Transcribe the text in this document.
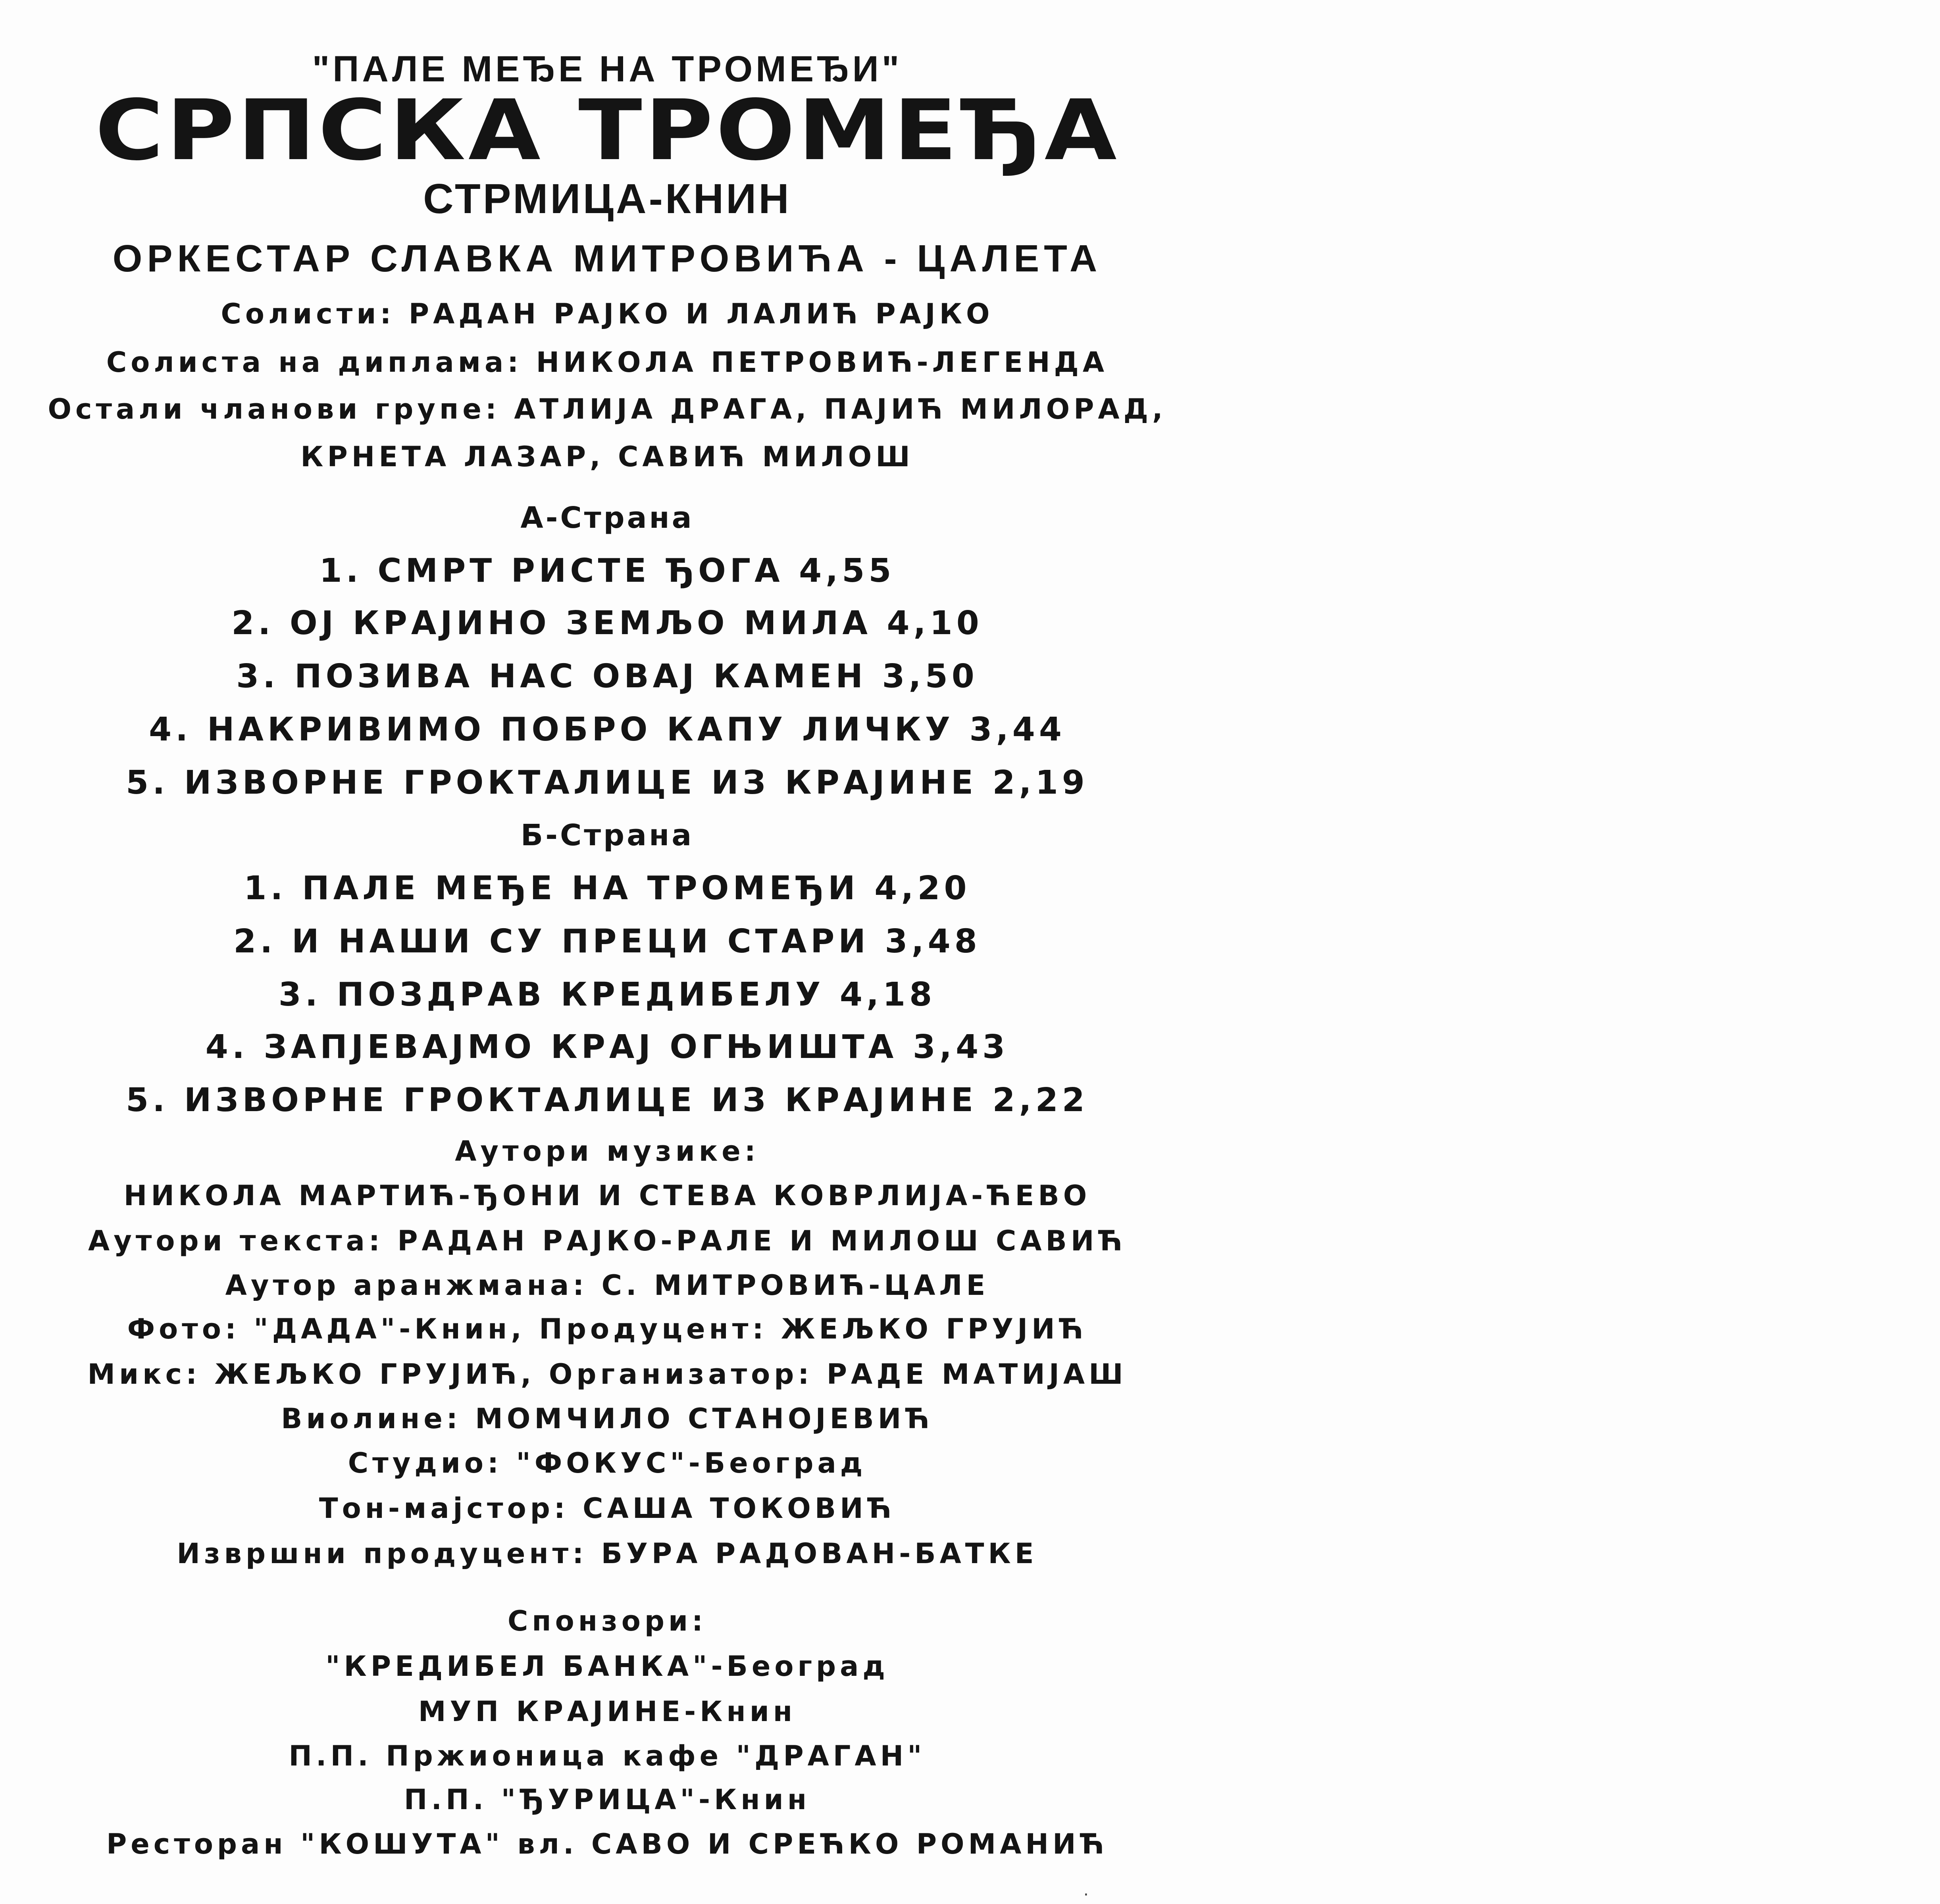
"ПАЛЕ МЕЂЕ НА ТРОМЕЂИ"

СРПСКА ТРОМЕЂА

СТРМИЦА-КНИН

ОРКЕСТАР СЛАВКА МИТРОВИЋА - ЦАЛЕТА

Солисти: РАДАН РАЈКО И ЛАЛИЋ РАЈКО

Солиста на диплама: НИКОЛА ПЕТРОВИЋ-ЛЕГЕНДА

Остали чланови групе: АТЛИЈА ДРАГА, ПАЈИЋ МИЛОРАД,

КРНЕТА ЛАЗАР, САВИЋ МИЛОШ

А-Страна

1. СМРТ РИСТЕ ЂОГА 4,55

2. ОЈ КРАЈИНО ЗЕМЉО МИЛА 4,10

3. ПОЗИВА НАС ОВАЈ КАМЕН 3,50

4. НАКРИВИМО ПОБРО КАПУ ЛИЧКУ 3,44

5. ИЗВОРНЕ ГРОКТАЛИЦЕ ИЗ КРАЈИНЕ 2,19

Б-Страна

1. ПАЛЕ МЕЂЕ НА ТРОМЕЂИ 4,20

2. И НАШИ СУ ПРЕЦИ СТАРИ 3,48

3. ПОЗДРАВ КРЕДИБЕЛУ 4,18

4. ЗАПЈЕВАЈМО КРАЈ ОГЊИШТА 3,43

5. ИЗВОРНЕ ГРОКТАЛИЦЕ ИЗ КРАЈИНЕ 2,22

Аутори музике:

НИКОЛА МАРТИЋ-ЂОНИ И СТЕВА КОВРЛИЈА-ЋЕВО

Аутори текста: РАДАН РАЈКО-РАЛЕ И МИЛОШ САВИЋ

Аутор аранжмана: С. МИТРОВИЋ-ЦАЛЕ

Фото: "ДАДА"-Книн, Продуцент: ЖЕЉКО ГРУЈИЋ

Микс: ЖЕЉКО ГРУЈИЋ, Организатор: РАДЕ МАТИЈАШ

Виолине: МОМЧИЛО СТАНОЈЕВИЋ

Студио: "ФОКУС"-Београд

Тон-мајстор: САША ТОКОВИЋ

Извршни продуцент: БУРА РАДОВАН-БАТКЕ

Спонзори:

"КРЕДИБЕЛ БАНКА"-Београд

МУП КРАЈИНЕ-Книн

П.П. Пржионица кафе "ДРАГАН"

П.П. "ЂУРИЦА"-Книн

Ресторан "КОШУТА" вл. САВО И СРЕЋКО РОМАНИЋ

·
